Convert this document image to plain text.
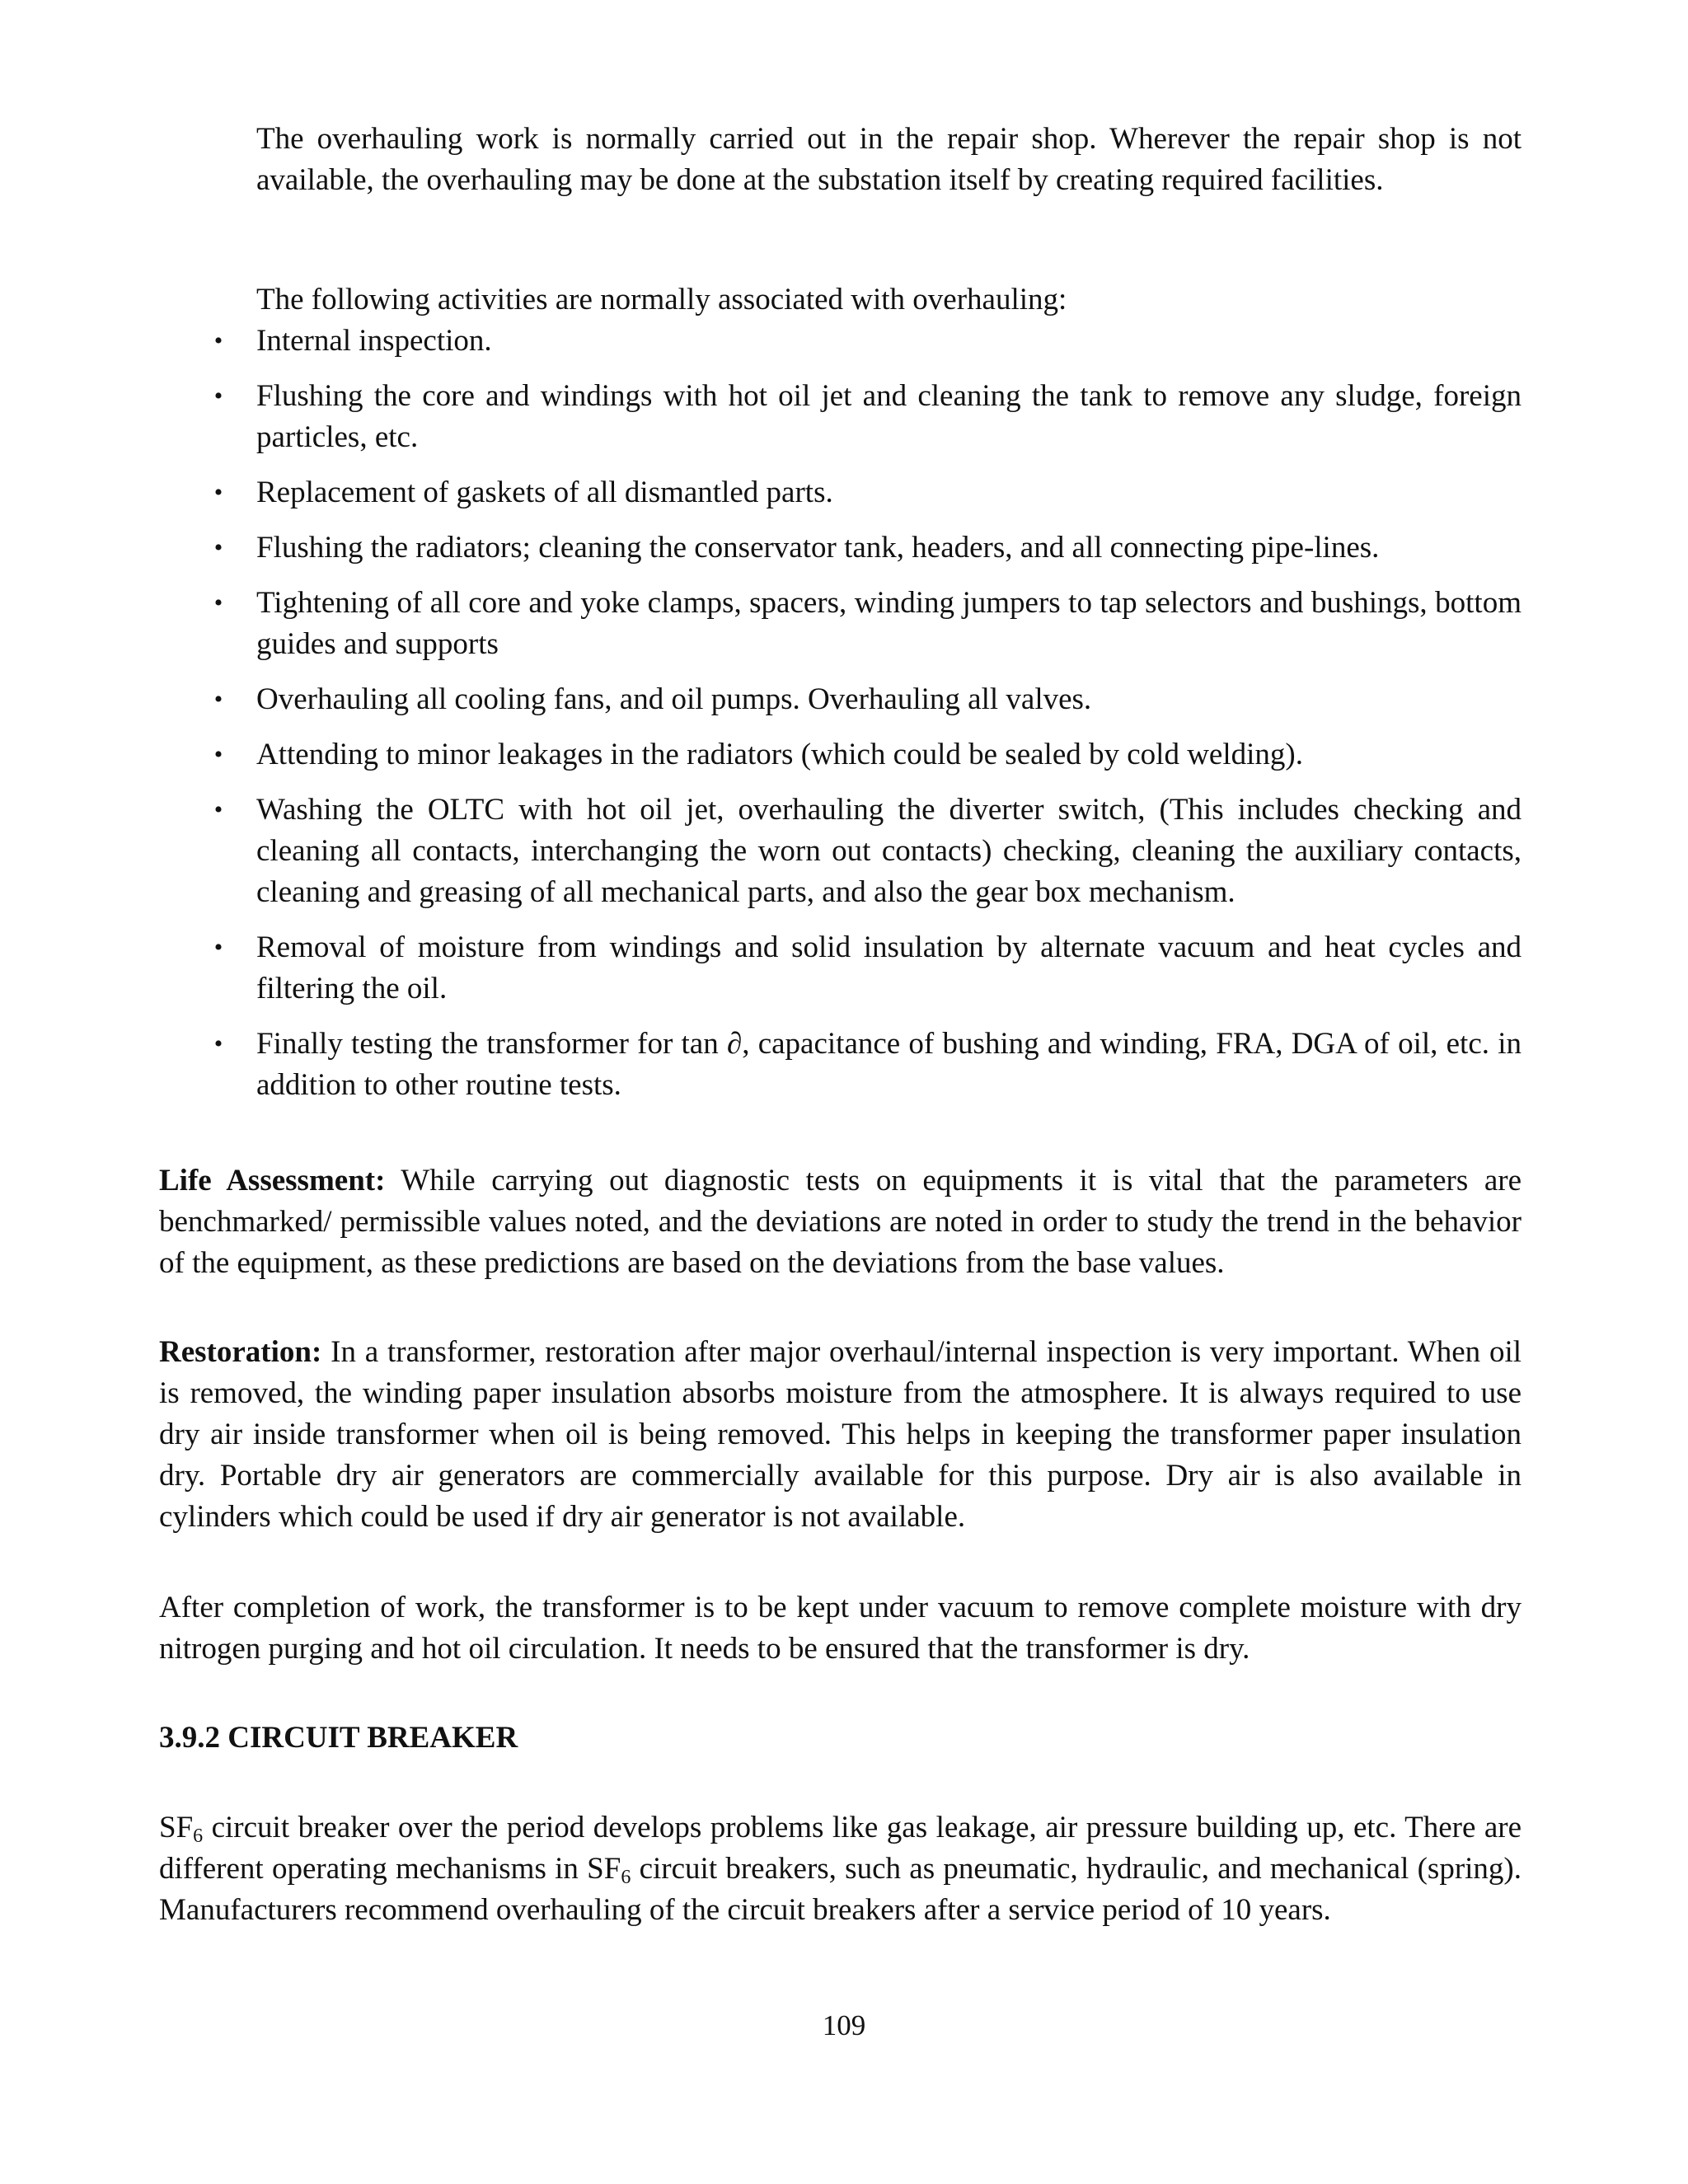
The overhauling work is normally carried out in the repair shop. Wherever the repair shop is not available, the overhauling may be done at the substation itself by creating required facilities.

The following activities are normally associated with overhauling:

• Internal inspection.
• Flushing the core and windings with hot oil jet and cleaning the tank to remove any sludge, foreign particles, etc.
• Replacement of gaskets of all dismantled parts.
• Flushing the radiators; cleaning the conservator tank, headers, and all connecting pipe-lines.
• Tightening of all core and yoke clamps, spacers, winding jumpers to tap selectors and bushings, bottom guides and supports
• Overhauling all cooling fans, and oil pumps. Overhauling all valves.
• Attending to minor leakages in the radiators (which could be sealed by cold welding).
• Washing the OLTC with hot oil jet, overhauling the diverter switch, (This includes checking and cleaning all contacts, interchanging the worn out contacts) checking, cleaning the auxiliary contacts, cleaning and greasing of all mechanical parts, and also the gear box mechanism.
• Removal of moisture from windings and solid insulation by alternate vacuum and heat cycles and filtering the oil.
• Finally testing the transformer for tan ∂, capacitance of bushing and winding, FRA, DGA of oil, etc. in addition to other routine tests.

Life Assessment: While carrying out diagnostic tests on equipments it is vital that the parameters are benchmarked/ permissible values noted, and the deviations are noted in order to study the trend in the behavior of the equipment, as these predictions are based on the deviations from the base values.

Restoration: In a transformer, restoration after major overhaul/internal inspection is very important. When oil is removed, the winding paper insulation absorbs moisture from the atmosphere. It is always required to use dry air inside transformer when oil is being removed. This helps in keeping the transformer paper insulation dry. Portable dry air generators are commercially available for this purpose. Dry air is also available in cylinders which could be used if dry air generator is not available.

After completion of work, the transformer is to be kept under vacuum to remove complete moisture with dry nitrogen purging and hot oil circulation. It needs to be ensured that the transformer is dry.

3.9.2 CIRCUIT BREAKER

$SF_6$ circuit breaker over the period develops problems like gas leakage, air pressure building up, etc. There are different operating mechanisms in $SF_6$ circuit breakers, such as pneumatic, hydraulic, and mechanical (spring). Manufacturers recommend overhauling of the circuit breakers after a service period of 10 years.

109
